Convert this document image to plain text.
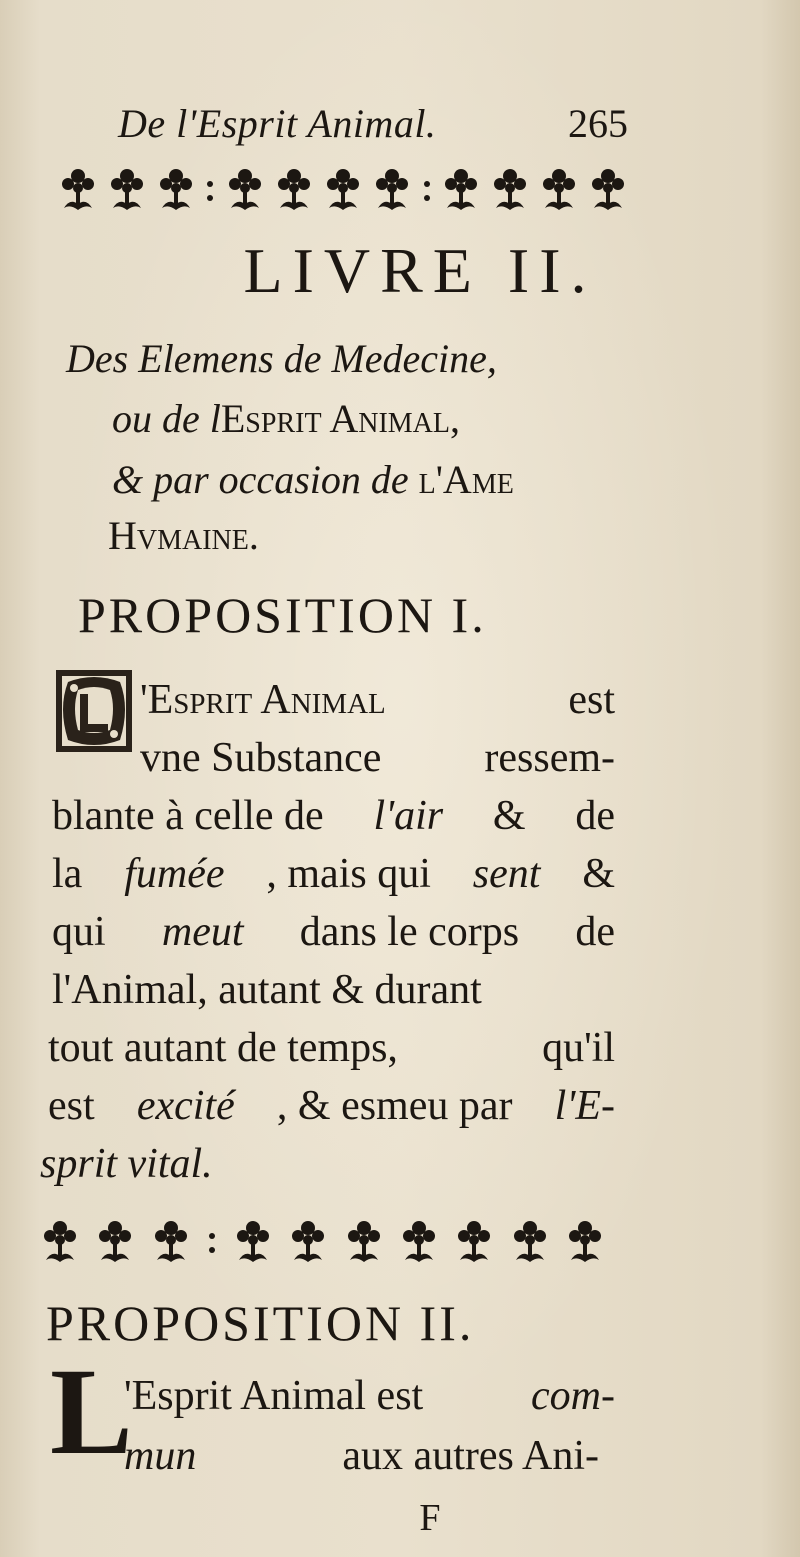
De l'Esprit Animal.	265
LIVRE II.
Des Elemens de Medecine,
ou de lEsprit Animal,
& par occasion de l'Ame
Hvmaine.
PROPOSITION I.
'Esprit Animal	est
vne Substance ressem-
blante à celle de l'air & de
la fumée , mais qui sent &
qui meut dans le corps de
l'Animal, autant & durant
tout autant de temps,	qu'il
est excité , & esmeu par l'E-
sprit vital.
PROPOSITION II.
L
'Esprit Animal est	com-
mun	aux autres Ani-
F
